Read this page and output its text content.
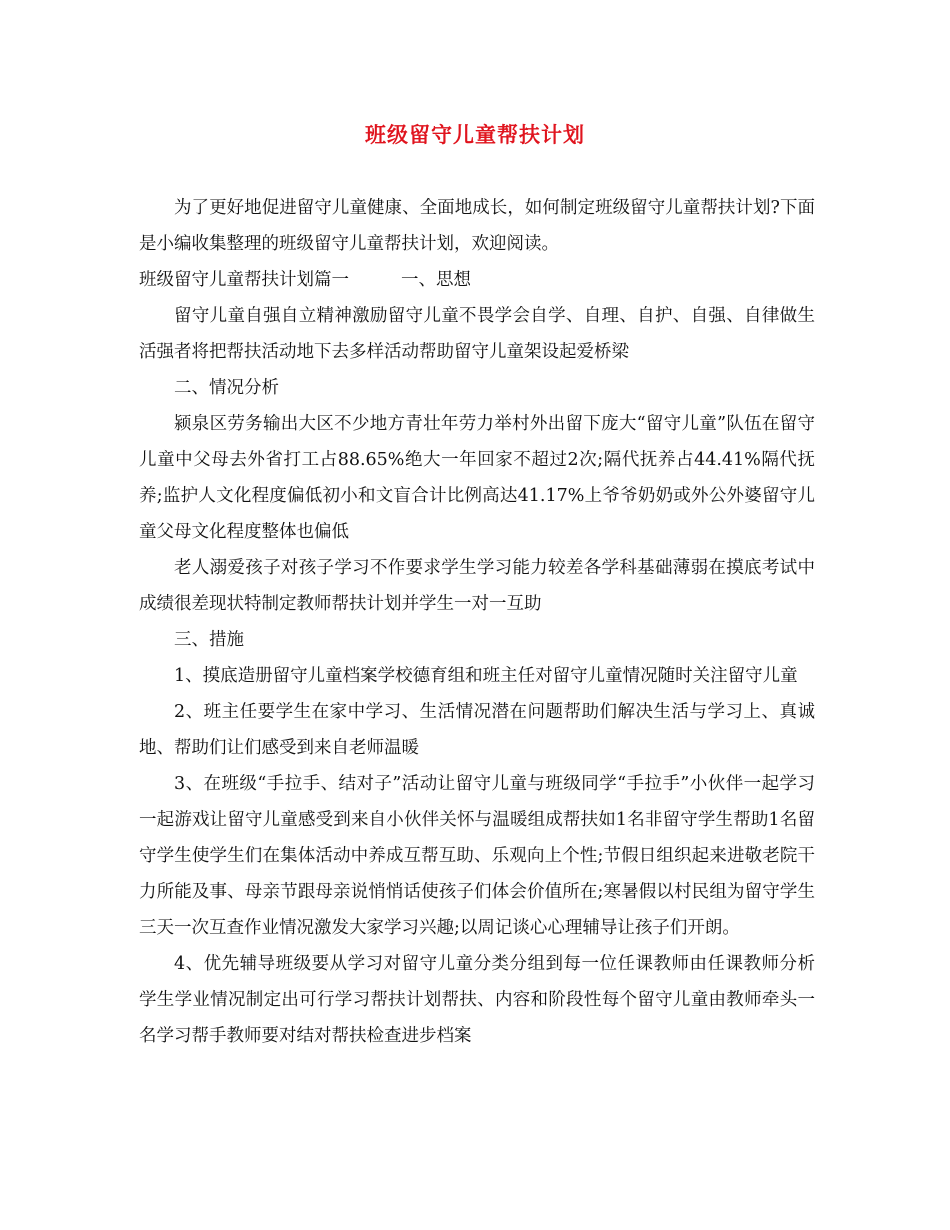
班级留守儿童帮扶计划

为了更好地促进留守儿童健康、全面地成长，如何制定班级留守儿童帮扶计划?下面是小编收集整理的班级留守儿童帮扶计划，欢迎阅读。

班级留守儿童帮扶计划篇一	一、思想

留守儿童自强自立精神激励留守儿童不畏学会自学、自理、自护、自强、自律做生活强者将把帮扶活动地下去多样活动帮助留守儿童架设起爱桥梁

二、情况分析

颍泉区劳务输出大区不少地方青壮年劳力举村外出留下庞大“留守儿童”队伍在留守儿童中父母去外省打工占88.65%绝大一年回家不超过2次;隔代抚养占44.41%隔代抚养;监护人文化程度偏低初小和文盲合计比例高达41.17%上爷爷奶奶或外公外婆留守儿童父母文化程度整体也偏低

老人溺爱孩子对孩子学习不作要求学生学习能力较差各学科基础薄弱在摸底考试中成绩很差现状特制定教师帮扶计划并学生一对一互助

三、措施

1、摸底造册留守儿童档案学校德育组和班主任对留守儿童情况随时关注留守儿童

2、班主任要学生在家中学习、生活情况潜在问题帮助们解决生活与学习上、真诚地、帮助们让们感受到来自老师温暖

3、在班级“手拉手、结对子”活动让留守儿童与班级同学“手拉手”小伙伴一起学习一起游戏让留守儿童感受到来自小伙伴关怀与温暖组成帮扶如1名非留守学生帮助1名留守学生使学生们在集体活动中养成互帮互助、乐观向上个性;节假日组织起来进敬老院干力所能及事、母亲节跟母亲说悄悄话使孩子们体会价值所在;寒暑假以村民组为留守学生三天一次互查作业情况激发大家学习兴趣;以周记谈心心理辅导让孩子们开朗。

4、优先辅导班级要从学习对留守儿童分类分组到每一位任课教师由任课教师分析学生学业情况制定出可行学习帮扶计划帮扶、内容和阶段性每个留守儿童由教师牵头一名学习帮手教师要对结对帮扶检查进步档案
